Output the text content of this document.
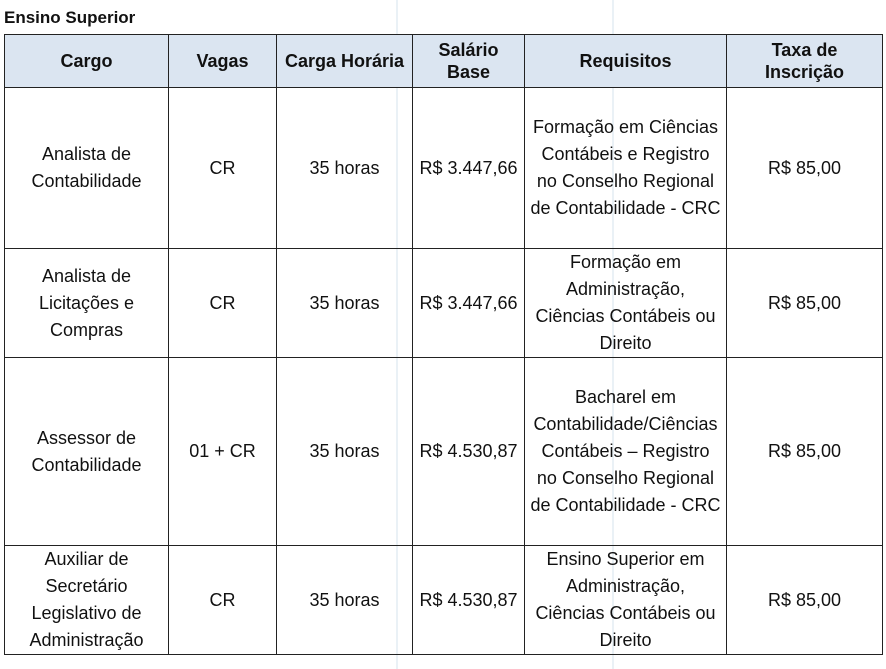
Ensino Superior
Cargo	Vagas	Carga Horária	Salário Base	Requisitos	Taxa de Inscrição
Analista de Contabilidade	CR	35 horas	R$ 3.447,66	Formação em Ciências Contábeis e Registro no Conselho Regional de Contabilidade - CRC	R$ 85,00
Analista de Licitações e Compras	CR	35 horas	R$ 3.447,66	Formação em Administração, Ciências Contábeis ou Direito	R$ 85,00
Assessor de Contabilidade	01 + CR	35 horas	R$ 4.530,87	Bacharel em Contabilidade/Ciências Contábeis – Registro no Conselho Regional de Contabilidade - CRC	R$ 85,00
Auxiliar de Secretário Legislativo de Administração	CR	35 horas	R$ 4.530,87	Ensino Superior em Administração, Ciências Contábeis ou Direito	R$ 85,00
